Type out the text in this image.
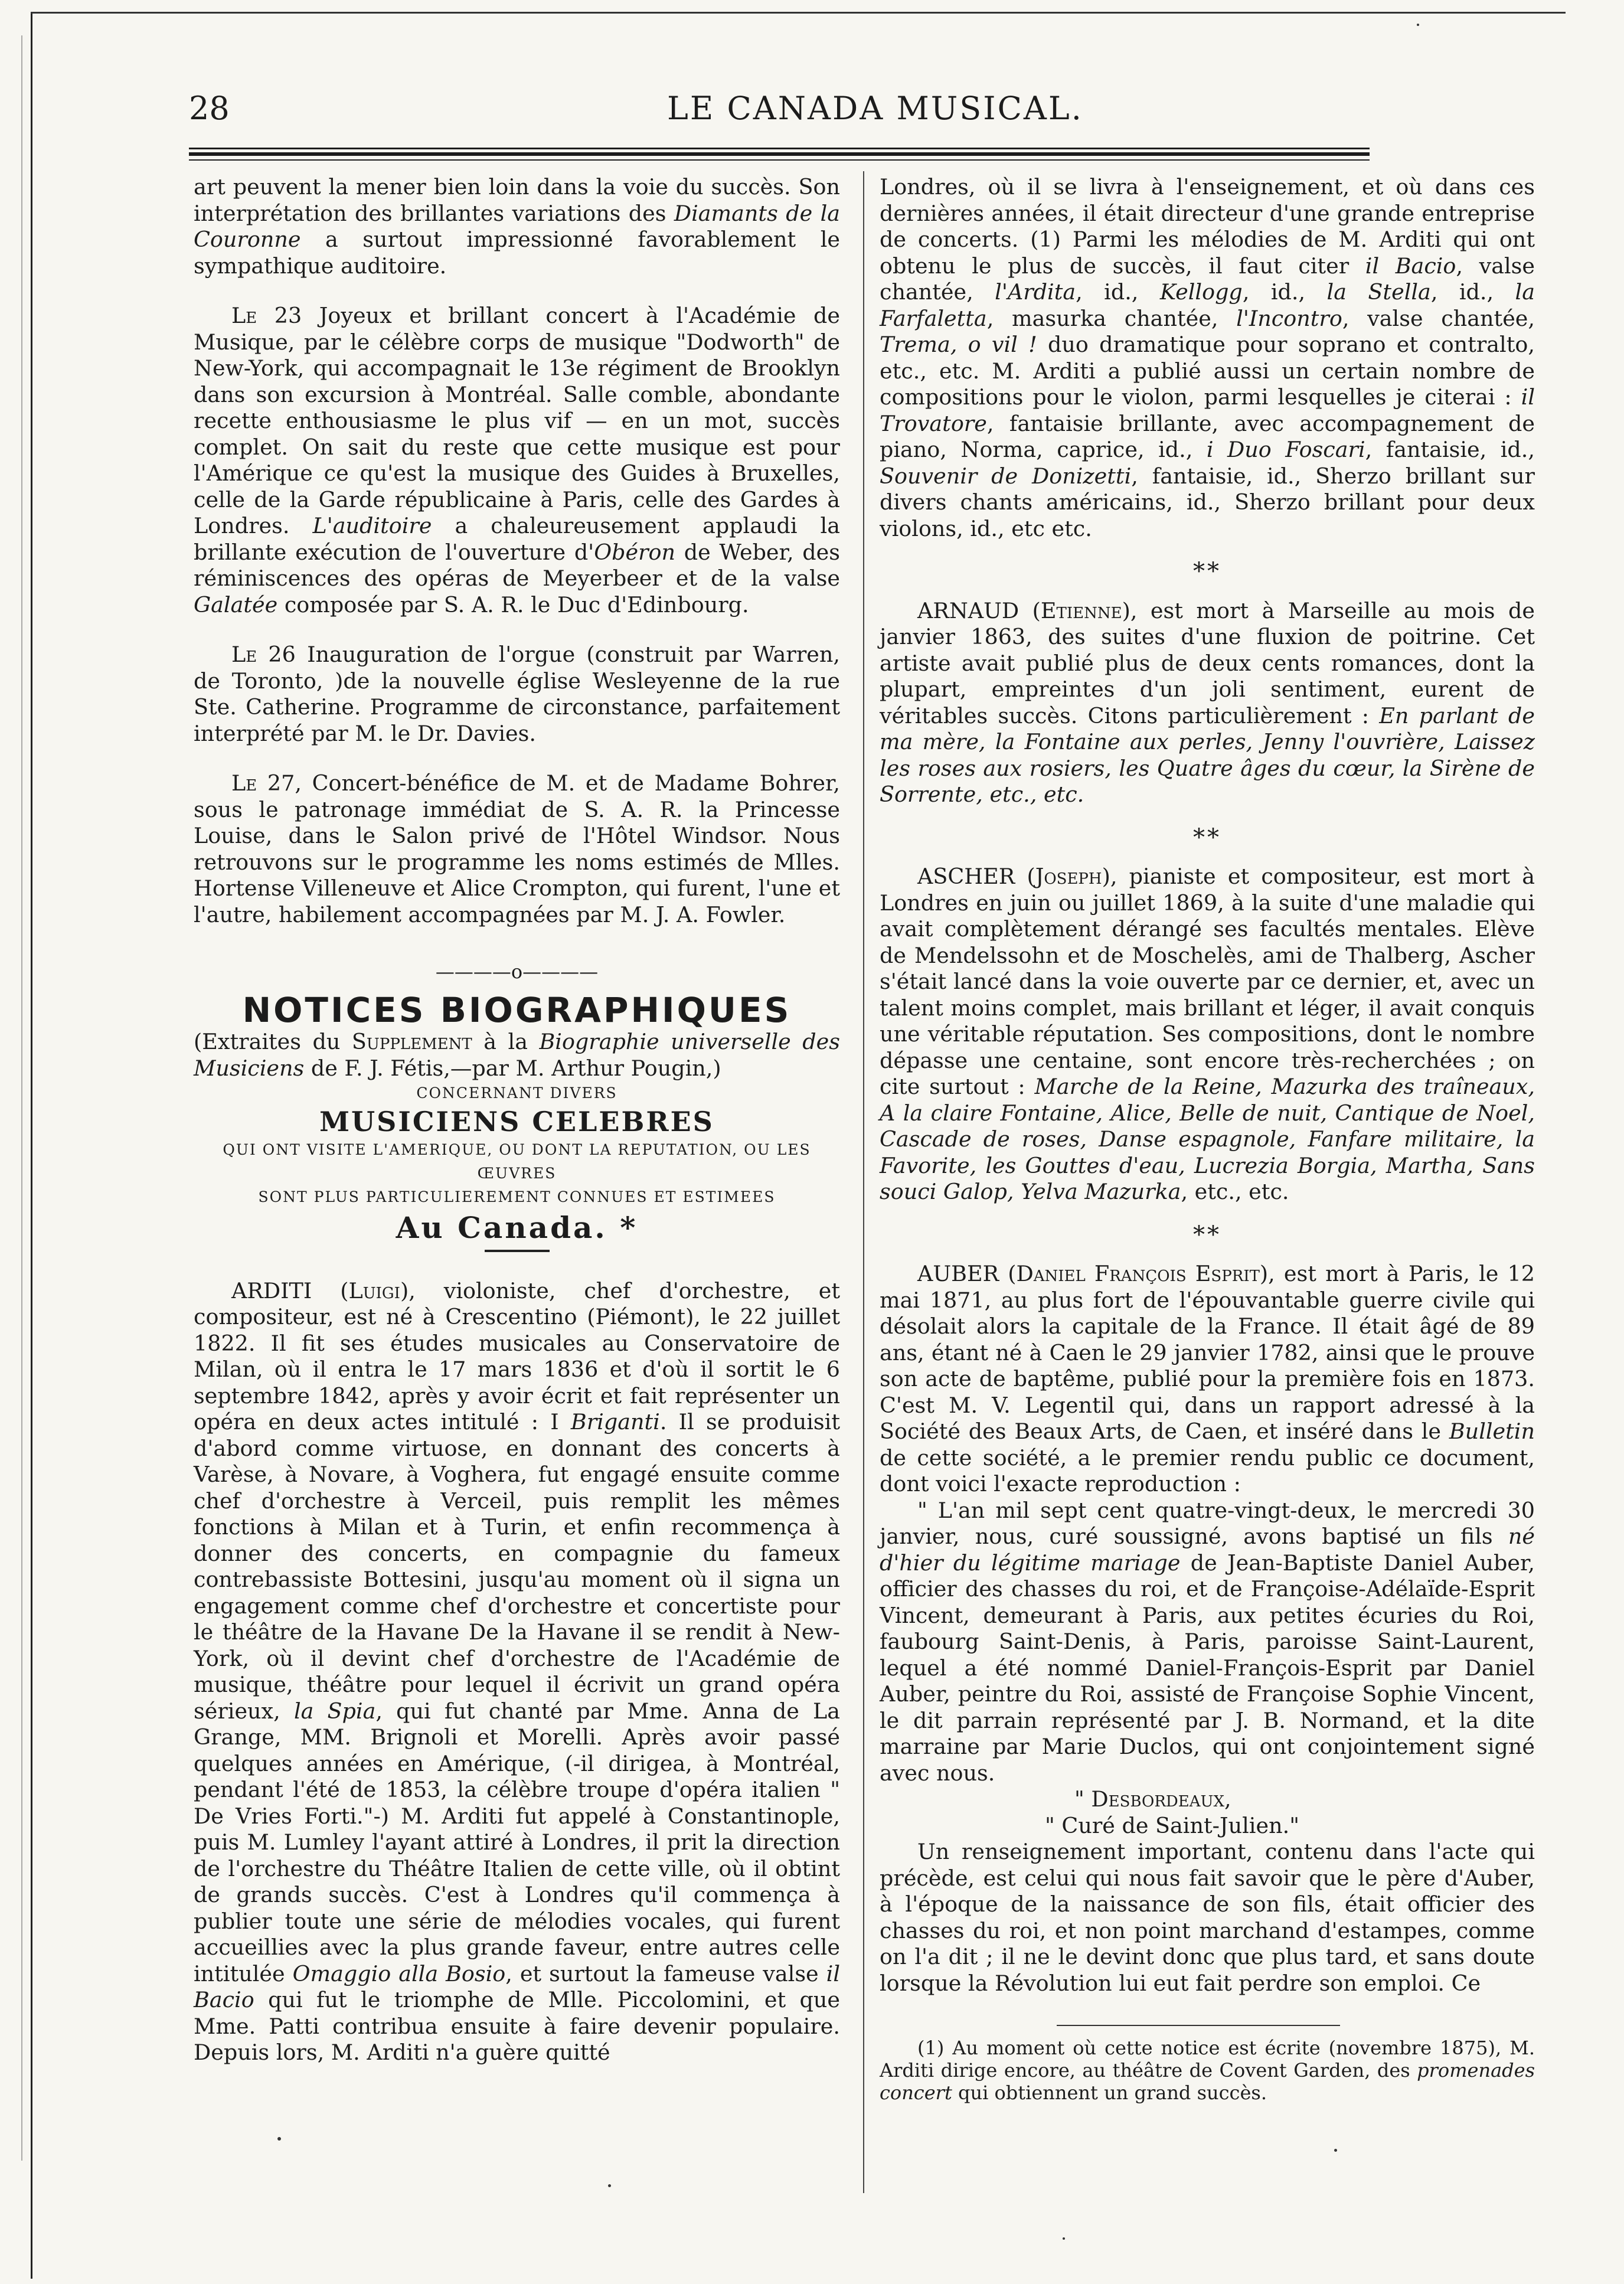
28	LE CANADA MUSICAL.

art peuvent la mener bien loin dans la voie du succès. Son interprétation des brillantes variations des Diamants de la Couronne a surtout impressionné favorablement le sympathique auditoire.

Le 23 Joyeux et brillant concert à l'Académie de Musique, par le célèbre corps de musique "Dodworth" de New-York, qui accompagnait le 13e régiment de Brooklyn dans son excursion à Montréal. Salle comble, abondante recette enthousiasme le plus vif — en un mot, succès complet. On sait du reste que cette musique est pour l'Amérique ce qu'est la musique des Guides à Bruxelles, celle de la Garde républicaine à Paris, celle des Gardes à Londres. L'auditoire a chaleureusement applaudi la brillante exécution de l'ouverture d'Obéron de Weber, des réminiscences des opéras de Meyerbeer et de la valse Galatée composée par S. A. R. le Duc d'Edinbourg.

Le 26 Inauguration de l'orgue (construit par Warren, de Toronto, )de la nouvelle église Wesleyenne de la rue Ste. Catherine. Programme de circonstance, parfaitement interprété par M. le Dr. Davies.

Le 27, Concert-bénéfice de M. et de Madame Bohrer, sous le patronage immédiat de S. A. R. la Princesse Louise, dans le Salon privé de l'Hôtel Windsor. Nous retrouvons sur le programme les noms estimés de Mlles. Hortense Villeneuve et Alice Crompton, qui furent, l'une et l'autre, habilement accompagnées par M. J. A. Fowler.

————o————
NOTICES BIOGRAPHIQUES

(Extraites du Supplement à la Biographie universelle des Musiciens de F. J. Fétis,—par M. Arthur Pougin,)

CONCERNANT DIVERS
MUSICIENS CELEBRES
QUI ONT VISITE L'AMERIQUE, OU DONT LA REPUTATION, OU LES ŒUVRES
SONT PLUS PARTICULIEREMENT CONNUES ET ESTIMEES
Au Canada. *

ARDITI (Luigi), violoniste, chef d'orchestre, et compositeur, est né à Crescentino (Piémont), le 22 juillet 1822. Il fit ses études musicales au Conservatoire de Milan, où il entra le 17 mars 1836 et d'où il sortit le 6 septembre 1842, après y avoir écrit et fait représenter un opéra en deux actes intitulé : I Briganti. Il se produisit d'abord comme virtuose, en donnant des concerts à Varèse, à Novare, à Voghera, fut engagé ensuite comme chef d'orchestre à Verceil, puis remplit les mêmes fonctions à Milan et à Turin, et enfin recommença à donner des concerts, en compagnie du fameux contrebassiste Bottesini, jusqu'au moment où il signa un engagement comme chef d'orchestre et concertiste pour le théâtre de la Havane De la Havane il se rendit à New-York, où il devint chef d'orchestre de l'Académie de musique, théâtre pour lequel il écrivit un grand opéra sérieux, la Spia, qui fut chanté par Mme. Anna de La Grange, MM. Brignoli et Morelli. Après avoir passé quelques années en Amérique, (-il dirigea, à Montréal, pendant l'été de 1853, la célèbre troupe d'opéra italien " De Vries Forti."-) M. Arditi fut appelé à Constantinople, puis M. Lumley l'ayant attiré à Londres, il prit la direction de l'orchestre du Théâtre Italien de cette ville, où il obtint de grands succès. C'est à Londres qu'il commença à publier toute une série de mélodies vocales, qui furent accueillies avec la plus grande faveur, entre autres celle intitulée Omaggio alla Bosio, et surtout la fameuse valse il Bacio qui fut le triomphe de Mlle. Piccolomini, et que Mme. Patti contribua ensuite à faire devenir populaire. Depuis lors, M. Arditi n'a guère quitté

Londres, où il se livra à l'enseignement, et où dans ces dernières années, il était directeur d'une grande entreprise de concerts. (1) Parmi les mélodies de M. Arditi qui ont obtenu le plus de succès, il faut citer il Bacio, valse chantée, l'Ardita, id., Kellogg, id., la Stella, id., la Farfaletta, masurka chantée, l'Incontro, valse chantée, Trema, o vil ! duo dramatique pour soprano et contralto, etc., etc. M. Arditi a publié aussi un certain nombre de compositions pour le violon, parmi lesquelles je citerai : il Trovatore, fantaisie brillante, avec accompagnement de piano, Norma, caprice, id., i Duo Foscari, fantaisie, id., Souvenir de Donizetti, fantaisie, id., Sherzo brillant sur divers chants américains, id., Sherzo brillant pour deux violons, id., etc etc.

**

ARNAUD (Etienne), est mort à Marseille au mois de janvier 1863, des suites d'une fluxion de poitrine. Cet artiste avait publié plus de deux cents romances, dont la plupart, empreintes d'un joli sentiment, eurent de véritables succès. Citons particulièrement : En parlant de ma mère, la Fontaine aux perles, Jenny l'ouvrière, Laissez les roses aux rosiers, les Quatre âges du cœur, la Sirène de Sorrente, etc., etc.

**

ASCHER (Joseph), pianiste et compositeur, est mort à Londres en juin ou juillet 1869, à la suite d'une maladie qui avait complètement dérangé ses facultés mentales. Elève de Mendelssohn et de Moschelès, ami de Thalberg, Ascher s'était lancé dans la voie ouverte par ce dernier, et, avec un talent moins complet, mais brillant et léger, il avait conquis une véritable réputation. Ses compositions, dont le nombre dépasse une centaine, sont encore très-recherchées ; on cite surtout : Marche de la Reine, Mazurka des traîneaux, A la claire Fontaine, Alice, Belle de nuit, Cantique de Noel, Cascade de roses, Danse espagnole, Fanfare militaire, la Favorite, les Gouttes d'eau, Lucrezia Borgia, Martha, Sans souci Galop, Yelva Mazurka, etc., etc.

**

AUBER (Daniel François Esprit), est mort à Paris, le 12 mai 1871, au plus fort de l'épouvantable guerre civile qui désolait alors la capitale de la France. Il était âgé de 89 ans, étant né à Caen le 29 janvier 1782, ainsi que le prouve son acte de baptême, publié pour la première fois en 1873. C'est M. V. Legentil qui, dans un rapport adressé à la Société des Beaux Arts, de Caen, et inséré dans le Bulletin de cette société, a le premier rendu public ce document, dont voici l'exacte reproduction :

" L'an mil sept cent quatre-vingt-deux, le mercredi 30 janvier, nous, curé soussigné, avons baptisé un fils né d'hier du légitime mariage de Jean-Baptiste Daniel Auber, officier des chasses du roi, et de Françoise-Adélaïde-Esprit Vincent, demeurant à Paris, aux petites écuries du Roi, faubourg Saint-Denis, à Paris, paroisse Saint-Laurent, lequel a été nommé Daniel-François-Esprit par Daniel Auber, peintre du Roi, assisté de Françoise Sophie Vincent, le dit parrain représenté par J. B. Normand, et la dite marraine par Marie Duclos, qui ont conjointement signé avec nous.

" Desbordeaux,

" Curé de Saint-Julien."

Un renseignement important, contenu dans l'acte qui précède, est celui qui nous fait savoir que le père d'Auber, à l'époque de la naissance de son fils, était officier des chasses du roi, et non point marchand d'estampes, comme on l'a dit ; il ne le devint donc que plus tard, et sans doute lorsque la Révolution lui eut fait perdre son emploi. Ce

(1) Au moment où cette notice est écrite (novembre 1875), M. Arditi dirige encore, au théâtre de Covent Garden, des promenades concert qui obtiennent un grand succès.
